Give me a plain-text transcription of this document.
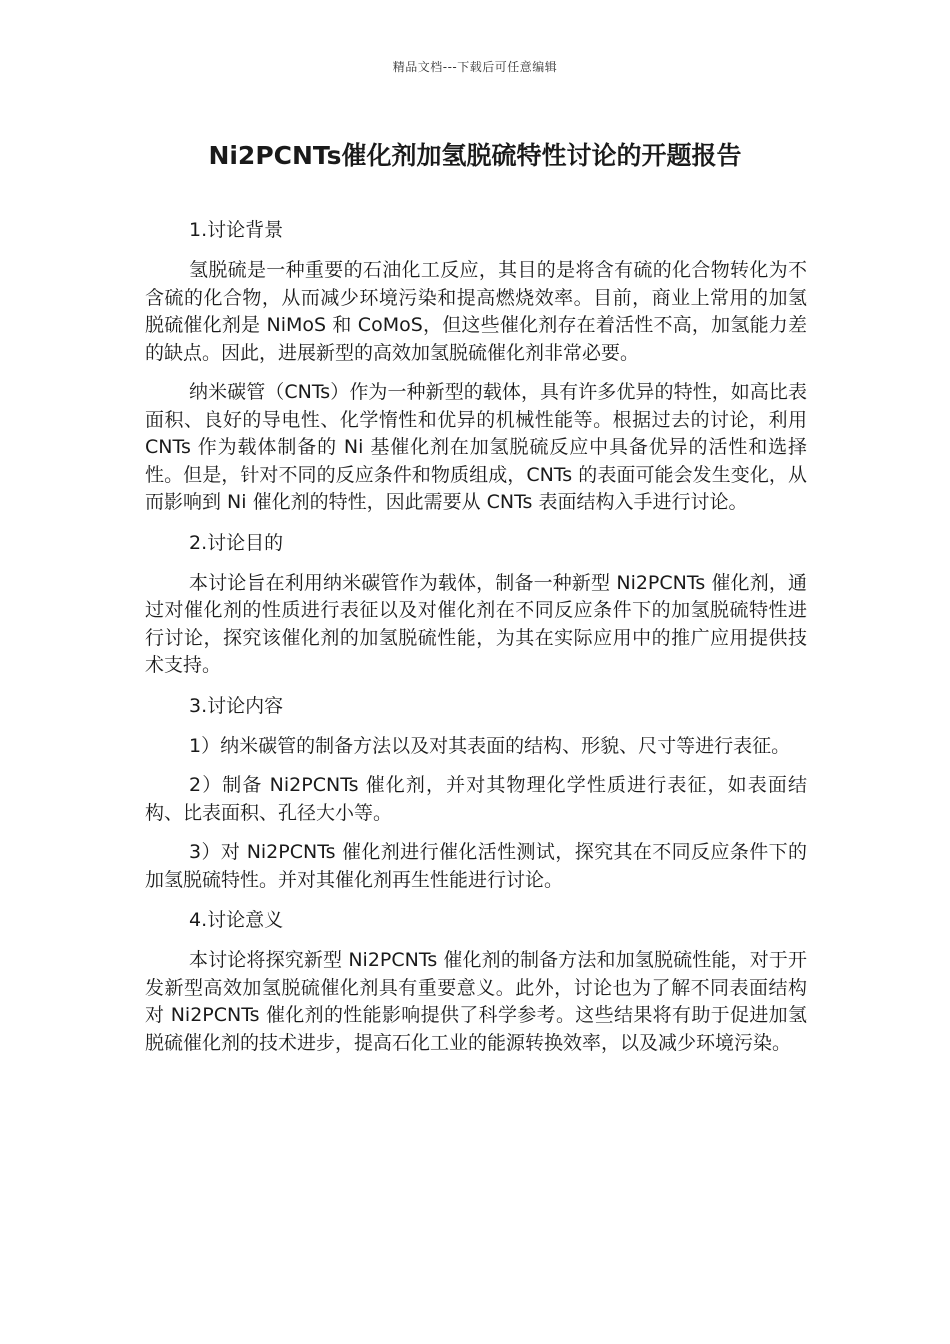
精品文档---下载后可任意编辑
Ni2PCNTs催化剂加氢脱硫特性讨论的开题报告

1.讨论背景

氢脱硫是一种重要的石油化工反应，其目的是将含有硫的化合物转化为不含硫的化合物，从而减少环境污染和提高燃烧效率。目前，商业上常用的加氢脱硫催化剂是 NiMoS 和 CoMoS，但这些催化剂存在着活性不高，加氢能力差的缺点。因此，进展新型的高效加氢脱硫催化剂非常必要。

纳米碳管（CNTs）作为一种新型的载体，具有许多优异的特性，如高比表面积、良好的导电性、化学惰性和优异的机械性能等。根据过去的讨论，利用 CNTs 作为载体制备的 Ni 基催化剂在加氢脱硫反应中具备优异的活性和选择性。但是，针对不同的反应条件和物质组成，CNTs 的表面可能会发生变化，从而影响到 Ni 催化剂的特性，因此需要从 CNTs 表面结构入手进行讨论。

2.讨论目的

本讨论旨在利用纳米碳管作为载体，制备一种新型 Ni2PCNTs 催化剂，通过对催化剂的性质进行表征以及对催化剂在不同反应条件下的加氢脱硫特性进行讨论，探究该催化剂的加氢脱硫性能，为其在实际应用中的推广应用提供技术支持。

3.讨论内容

1）纳米碳管的制备方法以及对其表面的结构、形貌、尺寸等进行表征。

2）制备 Ni2PCNTs 催化剂，并对其物理化学性质进行表征，如表面结构、比表面积、孔径大小等。

3）对 Ni2PCNTs 催化剂进行催化活性测试，探究其在不同反应条件下的加氢脱硫特性。并对其催化剂再生性能进行讨论。

4.讨论意义

本讨论将探究新型 Ni2PCNTs 催化剂的制备方法和加氢脱硫性能，对于开发新型高效加氢脱硫催化剂具有重要意义。此外，讨论也为了解不同表面结构对 Ni2PCNTs 催化剂的性能影响提供了科学参考。这些结果将有助于促进加氢脱硫催化剂的技术进步，提高石化工业的能源转换效率，以及减少环境污染。
